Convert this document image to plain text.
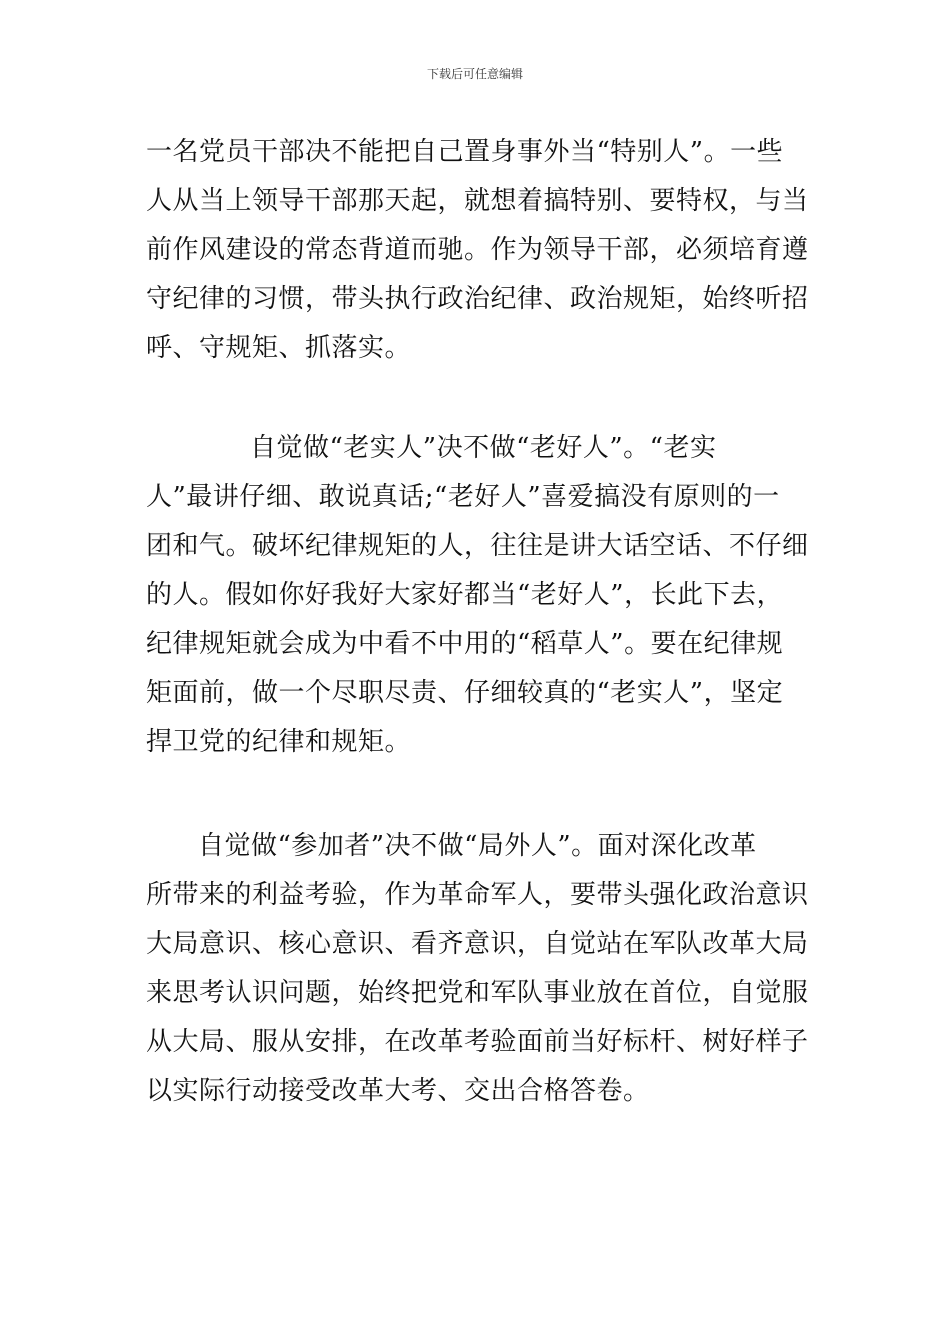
下载后可任意编辑
一名党员干部决不能把自己置身事外当“特别人”。一些
人从当上领导干部那天起，就想着搞特别、要特权，与当
前作风建设的常态背道而驰。作为领导干部，必须培育遵
守纪律的习惯，带头执行政治纪律、政治规矩，始终听招
呼、守规矩、抓落实。
自觉做“老实人”决不做“老好人”。“老实
人”最讲仔细、敢说真话;“老好人”喜爱搞没有原则的一
团和气。破坏纪律规矩的人，往往是讲大话空话、不仔细
的人。假如你好我好大家好都当“老好人”，长此下去，
纪律规矩就会成为中看不中用的“稻草人”。要在纪律规
矩面前，做一个尽职尽责、仔细较真的“老实人”，坚定
捍卫党的纪律和规矩。
自觉做“参加者”决不做“局外人”。面对深化改革
所带来的利益考验，作为革命军人，要带头强化政治意识
大局意识、核心意识、看齐意识，自觉站在军队改革大局
来思考认识问题，始终把党和军队事业放在首位，自觉服
从大局、服从安排，在改革考验面前当好标杆、树好样子
以实际行动接受改革大考、交出合格答卷。
